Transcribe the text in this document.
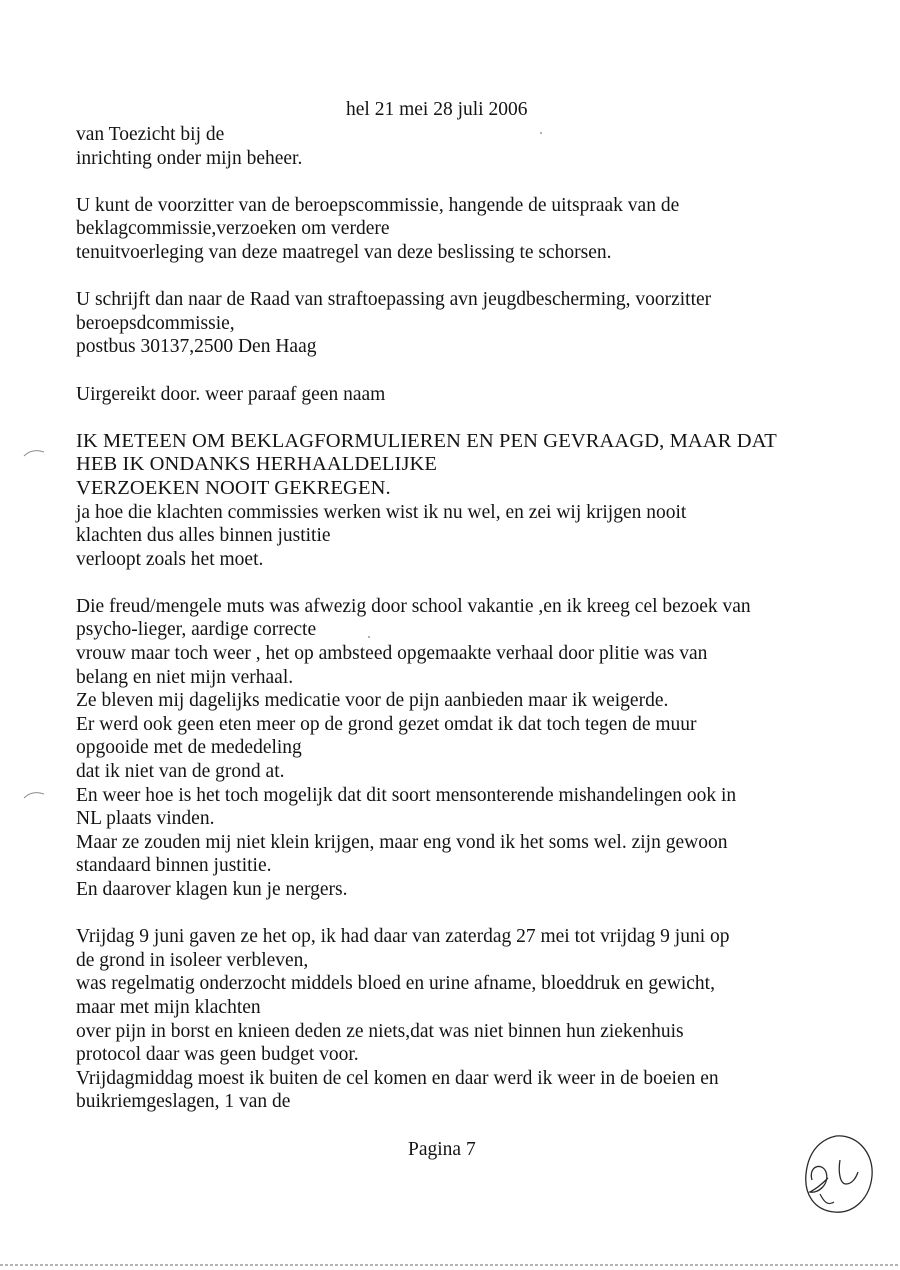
hel 21 mei 28 juli 2006
van Toezicht bij de
inrichting onder mijn beheer.
U kunt de voorzitter van de beroepscommissie, hangende de uitspraak van de
beklagcommissie,verzoeken om verdere
tenuitvoerleging van deze maatregel van deze beslissing te schorsen.
U schrijft dan naar de Raad van straftoepassing avn jeugdbescherming, voorzitter
beroepsdcommissie,
postbus 30137,2500 Den Haag
Uirgereikt door. weer paraaf geen naam
IK METEEN OM BEKLAGFORMULIEREN EN PEN GEVRAAGD, MAAR DAT
HEB IK ONDANKS HERHAALDELIJKE
VERZOEKEN NOOIT GEKREGEN.
ja hoe die klachten commissies werken wist ik nu wel, en zei wij krijgen nooit
klachten dus alles binnen justitie
verloopt zoals het moet.
Die freud/mengele muts was afwezig door school vakantie ,en ik kreeg cel bezoek van
psycho-lieger, aardige correcte
vrouw maar toch weer , het op ambsteed opgemaakte verhaal door plitie was van
belang en niet mijn verhaal.
Ze bleven mij dagelijks medicatie voor de pijn aanbieden maar ik weigerde.
Er werd ook geen eten meer op de grond gezet omdat ik dat toch tegen de muur
opgooide met de mededeling
dat ik niet van de grond at.
En weer hoe is het toch mogelijk dat dit soort mensonterende mishandelingen ook in
NL plaats vinden.
Maar ze zouden mij niet klein krijgen, maar eng vond ik het soms wel. zijn gewoon
standaard binnen justitie.
En daarover klagen kun je nergers.
Vrijdag 9 juni gaven ze het op, ik had daar van zaterdag 27 mei tot vrijdag 9 juni op
de grond in isoleer verbleven,
was regelmatig onderzocht middels bloed en urine afname, bloeddruk en gewicht,
maar met mijn klachten
over pijn in borst en knieen deden ze niets,dat was niet binnen hun ziekenhuis
protocol daar was geen budget voor.
Vrijdagmiddag moest ik buiten de cel komen en daar werd ik weer in de boeien en
buikriemgeslagen, 1 van de
Pagina 7
